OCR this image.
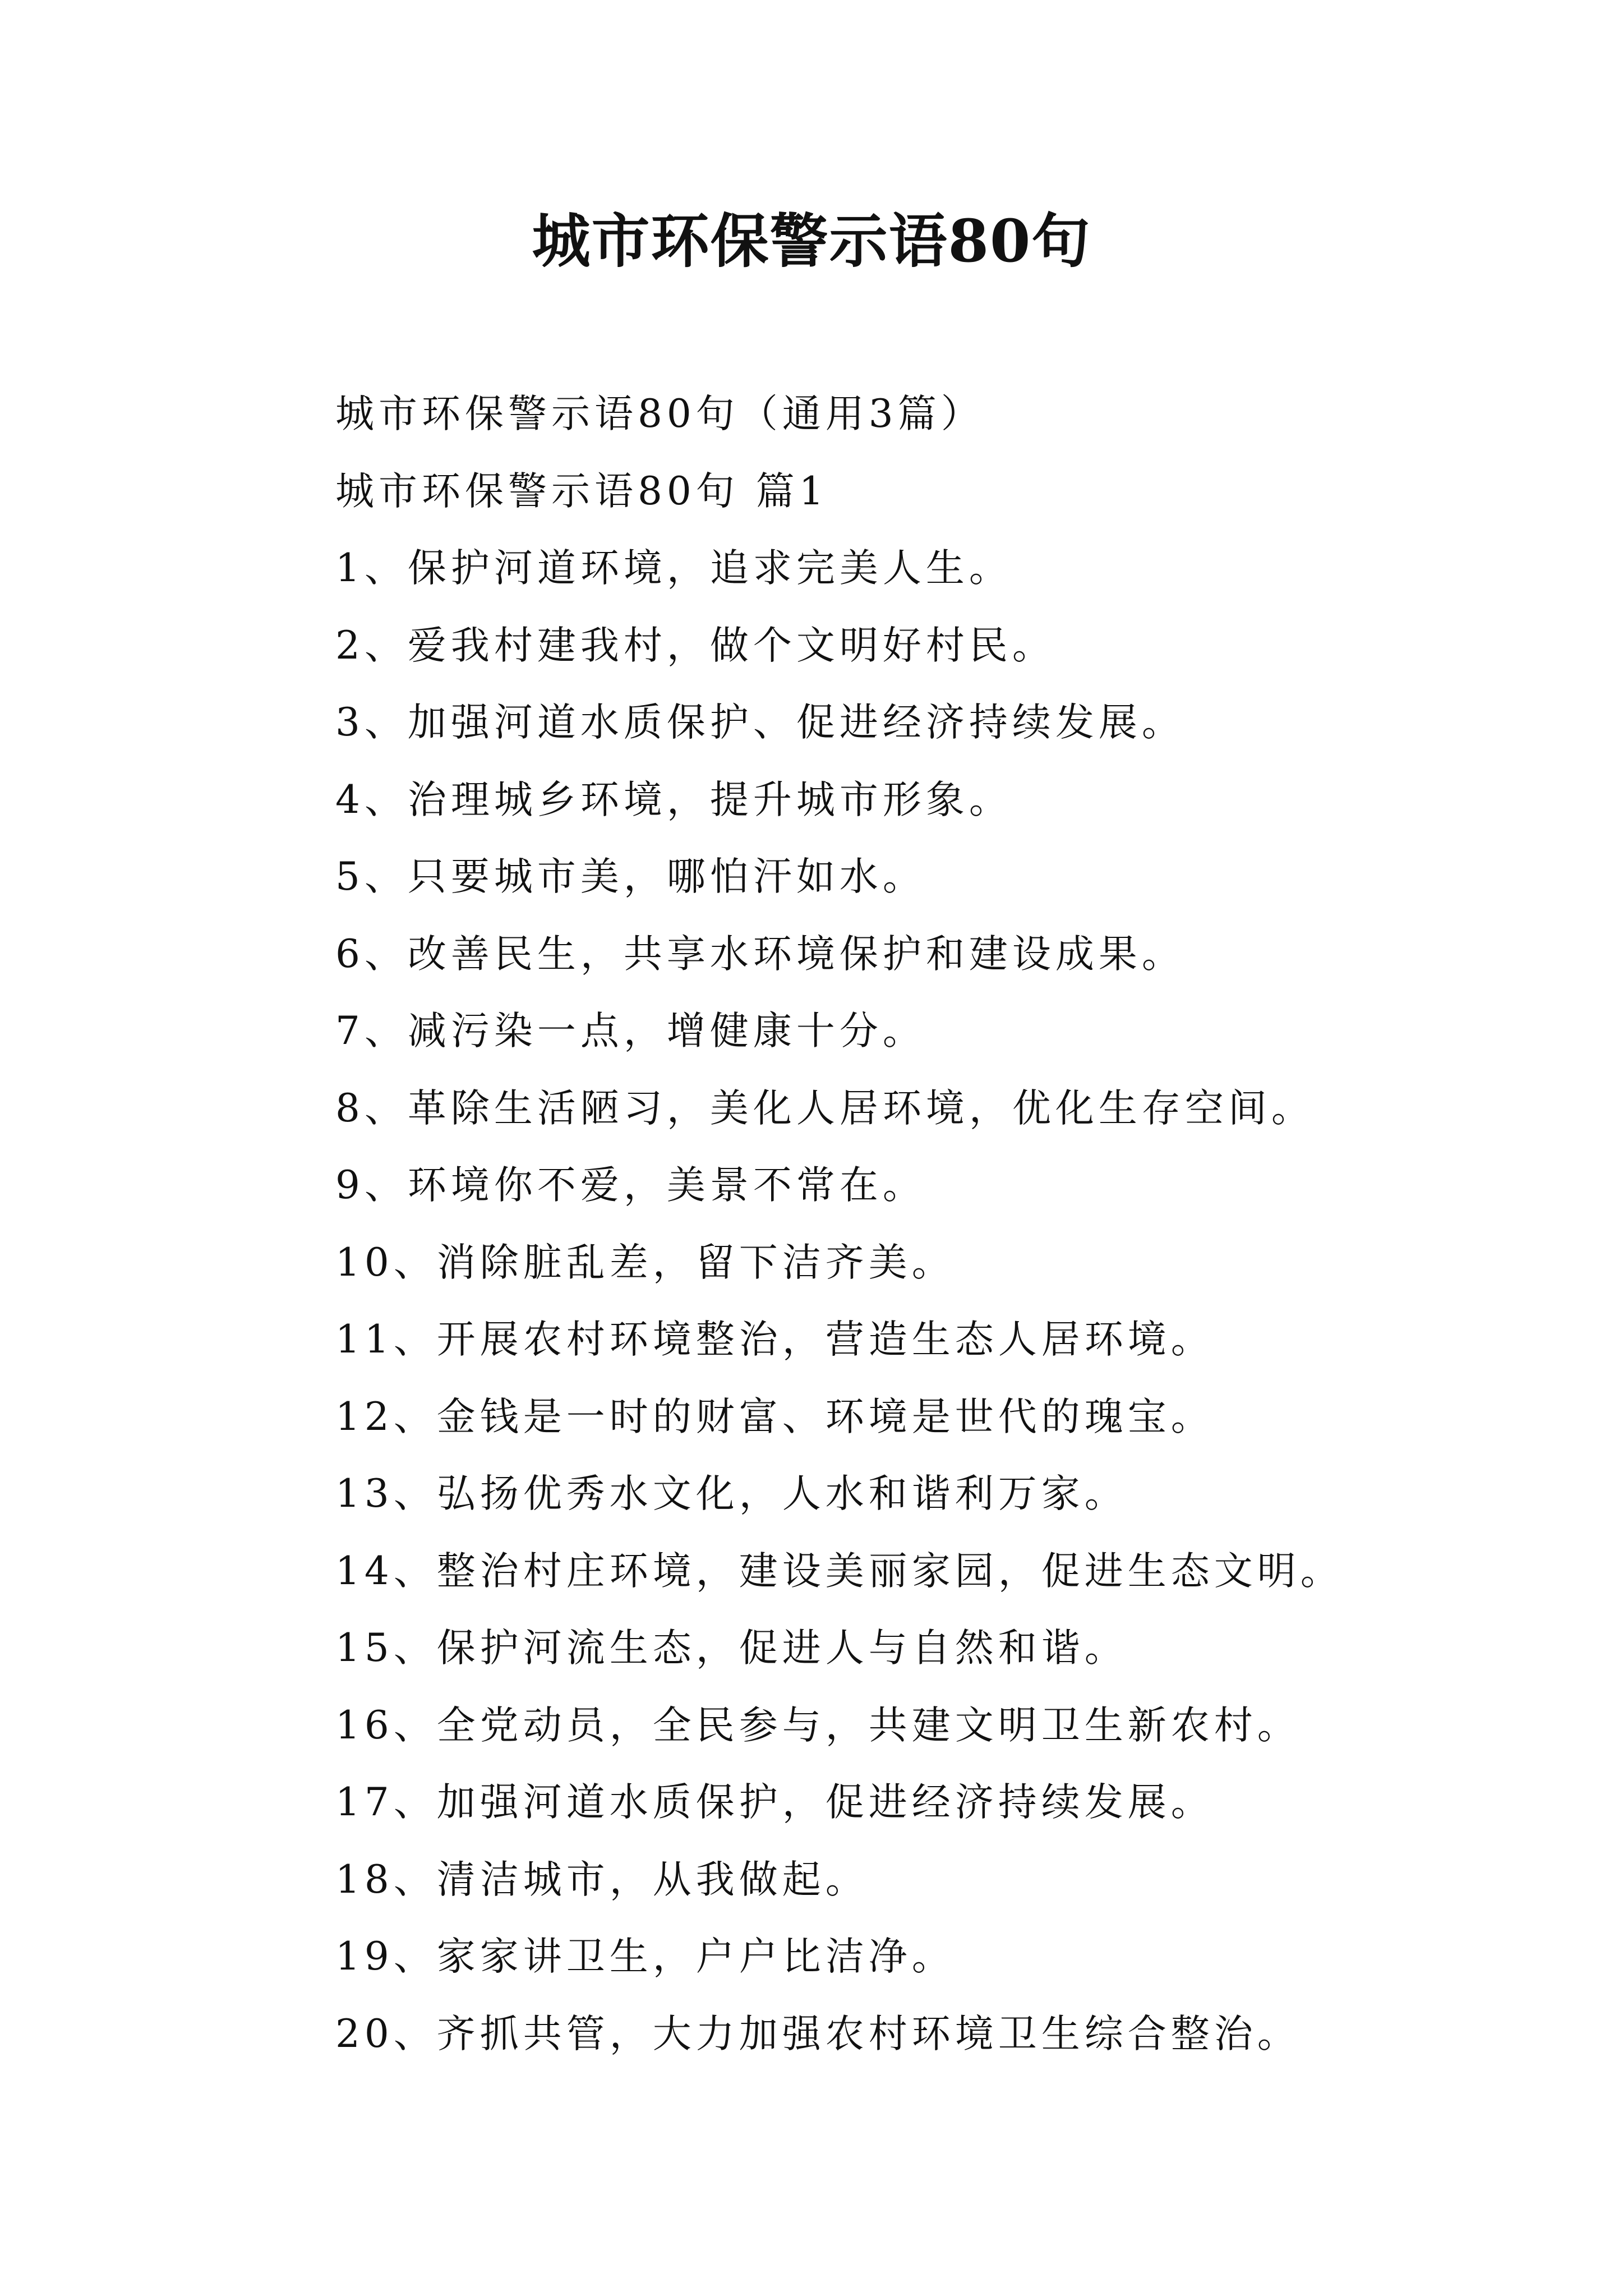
城市环保警示语80句
城市环保警示语80句（通用3篇）
城市环保警示语80句 篇1
1、保护河道环境，追求完美人生。
2、爱我村建我村，做个文明好村民。
3、加强河道水质保护、促进经济持续发展。
4、治理城乡环境，提升城市形象。
5、只要城市美，哪怕汗如水。
6、改善民生，共享水环境保护和建设成果。
7、减污染一点，增健康十分。
8、革除生活陋习，美化人居环境，优化生存空间。
9、环境你不爱，美景不常在。
10、消除脏乱差，留下洁齐美。
11、开展农村环境整治，营造生态人居环境。
12、金钱是一时的财富、环境是世代的瑰宝。
13、弘扬优秀水文化，人水和谐利万家。
14、整治村庄环境，建设美丽家园，促进生态文明。
15、保护河流生态，促进人与自然和谐。
16、全党动员，全民参与，共建文明卫生新农村。
17、加强河道水质保护，促进经济持续发展。
18、清洁城市，从我做起。
19、家家讲卫生，户户比洁净。
20、齐抓共管，大力加强农村环境卫生综合整治。
